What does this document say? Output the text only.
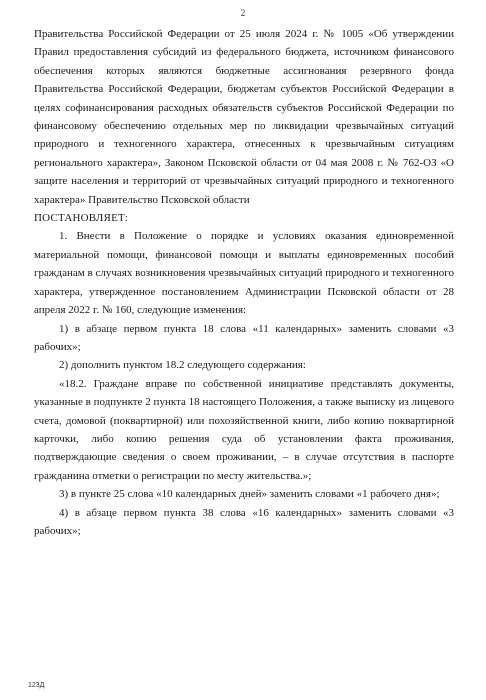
2

Правительства Российской Федерации от 25 июля 2024 г. № 1005 «Об утверждении Правил предоставления субсидий из федерального бюджета, источником финансового обеспечения которых являются бюджетные ассигнования резервного фонда Правительства Российской Федерации, бюджетам субъектов Российской Федерации в целях софинансирования расходных обязательств субъектов Российской Федерации по финансовому обеспечению отдельных мер по ликвидации чрезвычайных ситуаций природного и техногенного характера, отнесенных к чрезвычайным ситуациям регионального характера», Законом Псковской области от 04 мая 2008 г. № 762-ОЗ «О защите населения и территорий от чрезвычайных ситуаций природного и техногенного характера» Правительство Псковской области

ПОСТАНОВЛЯЕТ:

1. Внести в Положение о порядке и условиях оказания единовременной материальной помощи, финансовой помощи и выплаты единовременных пособий гражданам в случаях возникновения чрезвычайных ситуаций природного и техногенного характера, утвержденное постановлением Администрации Псковской области от 28 апреля 2022 г. № 160, следующие изменения:

1) в абзаце первом пункта 18 слова «11 календарных» заменить словами «3 рабочих»;

2) дополнить пунктом 18.2 следующего содержания:

«18.2. Граждане вправе по собственной инициативе представлять документы, указанные в подпункте 2 пункта 18 настоящего Положения, а также выписку из лицевого счета, домовой (поквартирной) или похозяйственной книги, либо копию поквартирной карточки, либо копию решения суда об установлении факта проживания, подтверждающие сведения о своем проживании, – в случае отсутствия в паспорте гражданина отметки о регистрации по месту жительства.»;

3) в пункте 25 слова «10 календарных дней» заменить словами «1 рабочего дня»;

4) в абзаце первом пункта 38 слова «16 календарных» заменить словами «3 рабочих»;

123Д
